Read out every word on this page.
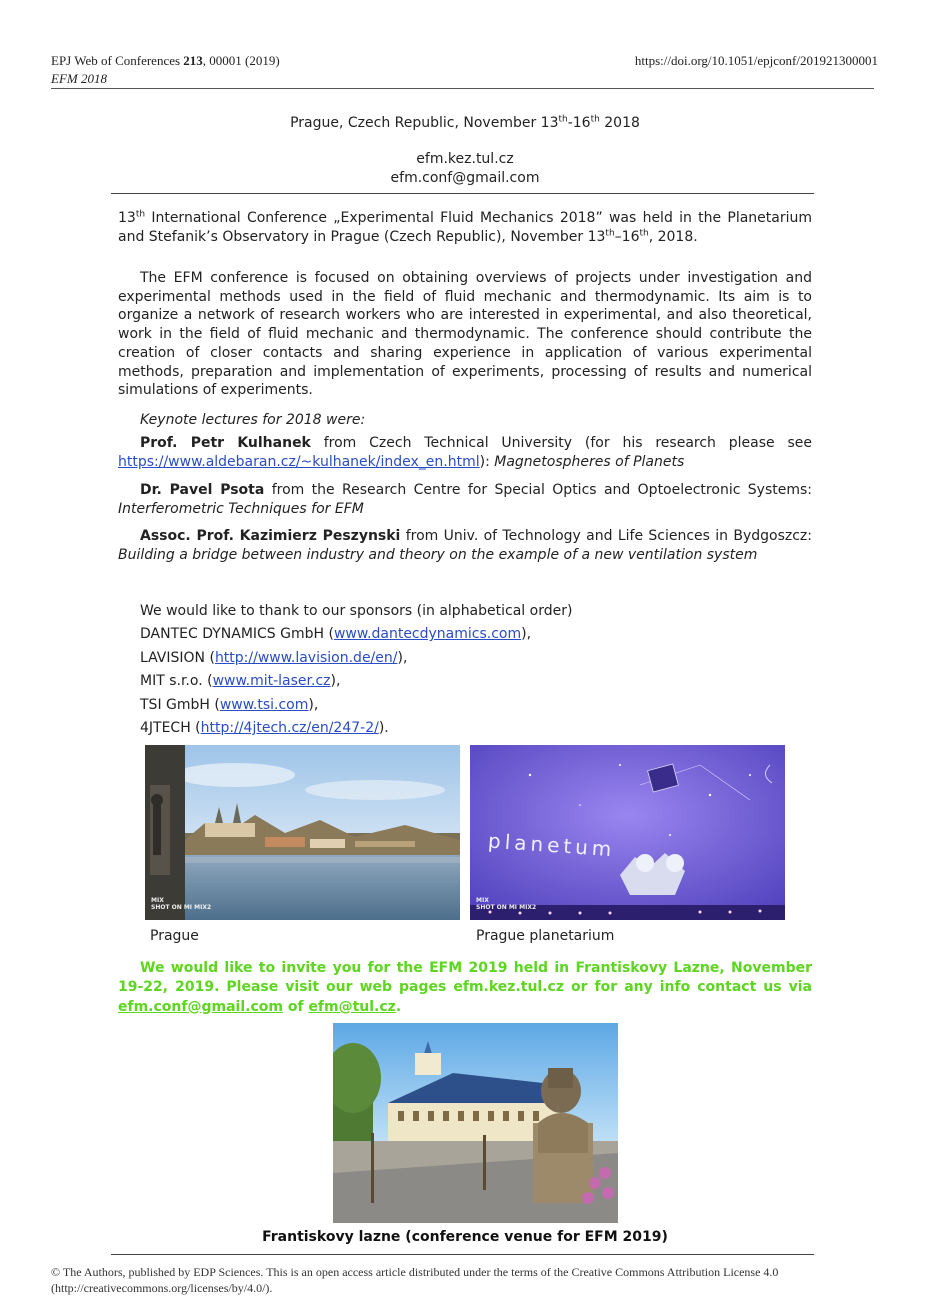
EPJ Web of Conferences 213, 00001 (2019)
EFM 2018
https://doi.org/10.1051/epjconf/201921300001
Prague, Czech Republic, November 13th-16th 2018
efm.kez.tul.cz
efm.conf@gmail.com
13th International Conference „Experimental Fluid Mechanics 2018” was held in the Planetarium and Stefanik’s Observatory in Prague (Czech Republic), November 13th–16th, 2018.
The EFM conference is focused on obtaining overviews of projects under investigation and experimental methods used in the field of fluid mechanic and thermodynamic. Its aim is to organize a network of research workers who are interested in experimental, and also theoretical, work in the field of fluid mechanic and thermodynamic. The conference should contribute the creation of closer contacts and sharing experience in application of various experimental methods, preparation and implementation of experiments, processing of results and numerical simulations of experiments.
Keynote lectures for 2018 were:
Prof. Petr Kulhanek from Czech Technical University (for his research please see https://www.aldebaran.cz/~kulhanek/index_en.html): Magnetospheres of Planets
Dr. Pavel Psota from the Research Centre for Special Optics and Optoelectronic Systems: Interferometric Techniques for EFM
Assoc. Prof. Kazimierz Peszynski from Univ. of Technology and Life Sciences in Bydgoszcz: Building a bridge between industry and theory on the example of a new ventilation system
We would like to thank to our sponsors (in alphabetical order)
DANTEC DYNAMICS GmbH (www.dantecdynamics.com),
LAVISION (http://www.lavision.de/en/),
MIT s.r.o. (www.mit-laser.cz),
TSI GmbH (www.tsi.com),
4JTECH (http://4jtech.cz/en/247-2/).
MIX
SHOT ON MI MIX2
Prague
planetum
MIX
SHOT ON MI MIX2
Prague planetarium
We would like to invite you for the EFM 2019 held in Frantiskovy Lazne, November 19-22, 2019. Please visit our web pages efm.kez.tul.cz or for any info contact us via efm.conf@gmail.com of efm@tul.cz.
Frantiskovy lazne (conference venue for EFM 2019)
© The Authors, published by EDP Sciences. This is an open access article distributed under the terms of the Creative Commons Attribution License 4.0 (http://creativecommons.org/licenses/by/4.0/).
